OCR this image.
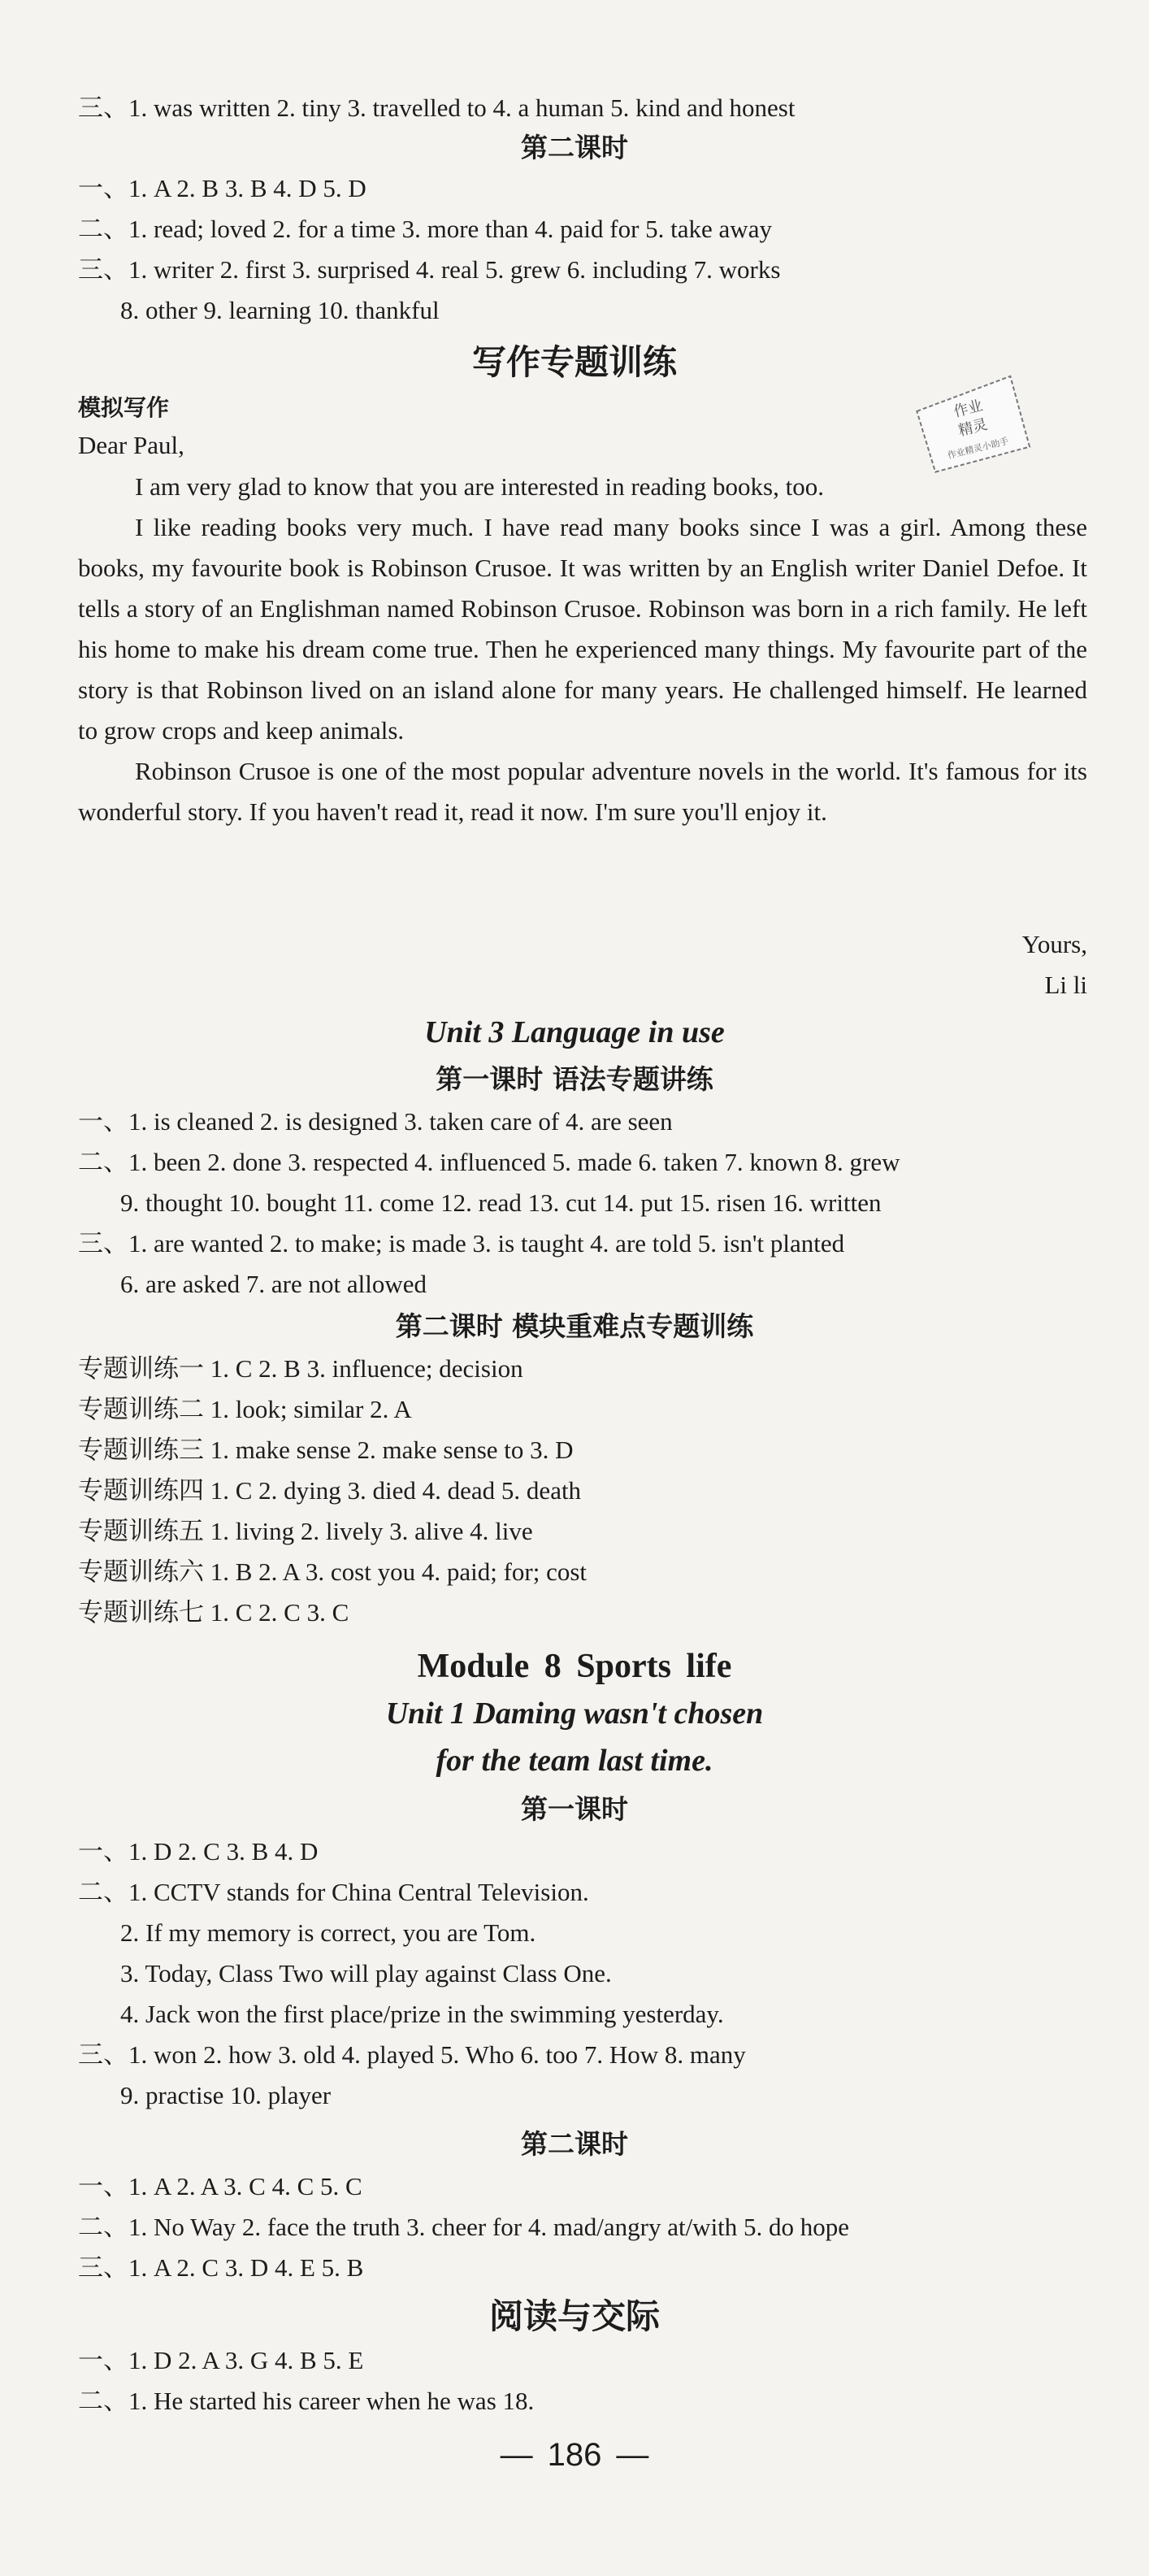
三、1. was written 2. tiny 3. travelled to 4. a human 5. kind and honest
第二课时
一、1. A 2. B 3. B 4. D 5. D
二、1. read; loved 2. for a time 3. more than 4. paid for 5. take away
三、1. writer 2. first 3. surprised 4. real 5. grew 6. including 7. works
8. other 9. learning 10. thankful
写作专题训练
模拟写作	作业
精灵
作业精灵小助手
Dear Paul,
I am very glad to know that you are interested in reading books, too.
I like reading books very much. I have read many books since I was a girl. Among these books, my favourite book is Robinson Crusoe. It was written by an English writer Daniel Defoe. It tells a story of an Englishman named Robinson Crusoe. Robinson was born in a rich family. He left his home to make his dream come true. Then he experienced many things. My favourite part of the story is that Robinson lived on an island alone for many years. He challenged himself. He learned to grow crops and keep animals.
Robinson Crusoe is one of the most popular adventure novels in the world. It's famous for its wonderful story. If you haven't read it, read it now. I'm sure you'll enjoy it.
Yours,
Li li
Unit 3 Language in use
第一课时 语法专题讲练
一、1. is cleaned 2. is designed 3. taken care of 4. are seen
二、1. been 2. done 3. respected 4. influenced 5. made 6. taken 7. known 8. grew
9. thought 10. bought 11. come 12. read 13. cut 14. put 15. risen 16. written
三、1. are wanted 2. to make; is made 3. is taught 4. are told 5. isn't planted
6. are asked 7. are not allowed
第二课时 模块重难点专题训练
专题训练一 1. C 2. B 3. influence; decision
专题训练二 1. look; similar 2. A
专题训练三 1. make sense 2. make sense to 3. D
专题训练四 1. C 2. dying 3. died 4. dead 5. death
专题训练五 1. living 2. lively 3. alive 4. live
专题训练六 1. B 2. A 3. cost you 4. paid; for; cost
专题训练七 1. C 2. C 3. C
Module 8 Sports life
Unit 1 Daming wasn't chosen
for the team last time.
第一课时
一、1. D 2. C 3. B 4. D
二、1. CCTV stands for China Central Television.
2. If my memory is correct, you are Tom.
3. Today, Class Two will play against Class One.
4. Jack won the first place/prize in the swimming yesterday.
三、1. won 2. how 3. old 4. played 5. Who 6. too 7. How 8. many
9. practise 10. player
第二课时
一、1. A 2. A 3. C 4. C 5. C
二、1. No Way 2. face the truth 3. cheer for 4. mad/angry at/with 5. do hope
三、1. A 2. C 3. D 4. E 5. B
阅读与交际
一、1. D 2. A 3. G 4. B 5. E
二、1. He started his career when he was 18.
— 186 —
